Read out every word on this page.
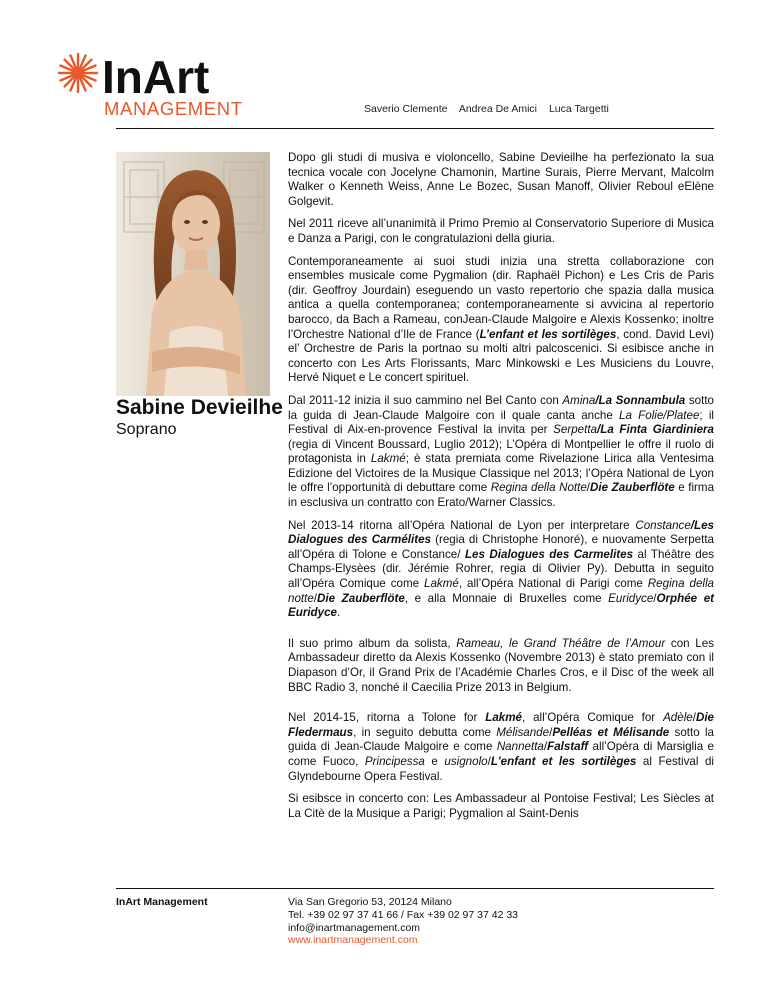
InArt
MANAGEMENT	Saverio Clemente Andrea De Amici Luca Targetti
Sabine Devieilhe
Soprano

Dopo gli studi di musiva e violoncello, Sabine Devieilhe ha perfezionato la sua tecnica vocale con Jocelyne Chamonin, Martine Surais, Pierre Mervant, Malcolm Walker o Kenneth Weiss, Anne Le Bozec, Susan Manoff, Olivier Reboul eElène Golgevit.

Nel 2011 riceve all’unanimità il Primo Premio al Conservatorio Superiore di Musica e Danza a Parigi, con le congratulazioni della giuria.

Contemporaneamente ai suoi studi inizia una stretta collaborazione con ensembles musicale come Pygmalion (dir. Raphaël Pichon) e Les Cris de Paris (dir. Geoffroy Jourdain) eseguendo un vasto repertorio che spazia dalla musica antica a quella contemporanea; contemporaneamente si avvicina al repertorio barocco, da Bach a Rameau, conJean-Claude Malgoire e Alexis Kossenko; inoltre l’Orchestre National d’Ile de France (L’enfant et les sortilèges, cond. David Levi) el’ Orchestre de Paris la portnao su molti altri palcoscenici. Si esibisce anche in concerto con Les Arts Florissants, Marc Minkowski e Les Musiciens du Louvre, Hervé Niquet e Le concert spirituel.

Dal 2011-12 inizia il suo cammino nel Bel Canto con Amina/La Sonnambula sotto la guida di Jean-Claude Malgoire con il quale canta anche La Folie/Platee; il Festival di Aix-en-provence Festival la invita per Serpetta/La Finta Giardiniera (regia di Vincent Boussard, Luglio 2012); L’Opéra di Montpellier le offre il ruolo di protagonista in Lakmé; è stata premiata come Rivelazione Lirica alla Ventesima Edizione del Victoires de la Musique Classique nel 2013; l’Opéra National de Lyon le offre l’opportunità di debuttare come Regina della Notte/Die Zauberflöte e firma in esclusiva un contratto con Erato/Warner Classics.

Nel 2013-14 ritorna all’Opéra National de Lyon per interpretare Constance/Les Dialogues des Carmélites (regia di Christophe Honoré), e nuovamente Serpetta all’Opéra di Tolone e Constance/ Les Dialogues des Carmelites al Théâtre des Champs-Elysèes (dir. Jérémie Rohrer, regia di Olivier Py). Debutta in seguito all’Opéra Comique come Lakmé, all’Opéra National di Parigi come Regina della notte/Die Zauberflöte, e alla Monnaie di Bruxelles come Euridyce/Orphée et Euridyce.

Il suo primo album da solista, Rameau, le Grand Théâtre de l’Amour con Les Ambassadeur diretto da Alexis Kossenko (Novembre 2013) è stato premiato con il Diapason d’Or, il Grand Prix de l’Académie Charles Cros, e il Disc of the week all BBC Radio 3, nonché il Caecilia Prize 2013 in Belgium.

Nel 2014-15, ritorna a Tolone for Lakmé, all’Opéra Comique for Adèle/Die Fledermaus, in seguito debutta come Mélisande/Pelléas et Mélisande sotto la guida di Jean-Claude Malgoire e come Nannetta/Falstaff all’Opéra di Marsiglia e come Fuoco, Principessa e usignolo/L'enfant et les sortilèges al Festival di Glyndebourne Opera Festival.

Si esibsce in concerto con: Les Ambassadeur al Pontoise Festival; Les Siècles at La Citè de la Musique a Parigi; Pygmalion al Saint-Denis

InArt Management	Via San Gregorio 53, 20124 Milano
Tel. +39 02 97 37 41 66 / Fax +39 02 97 37 42 33
info@inartmanagement.com
www.inartmanagement.com
